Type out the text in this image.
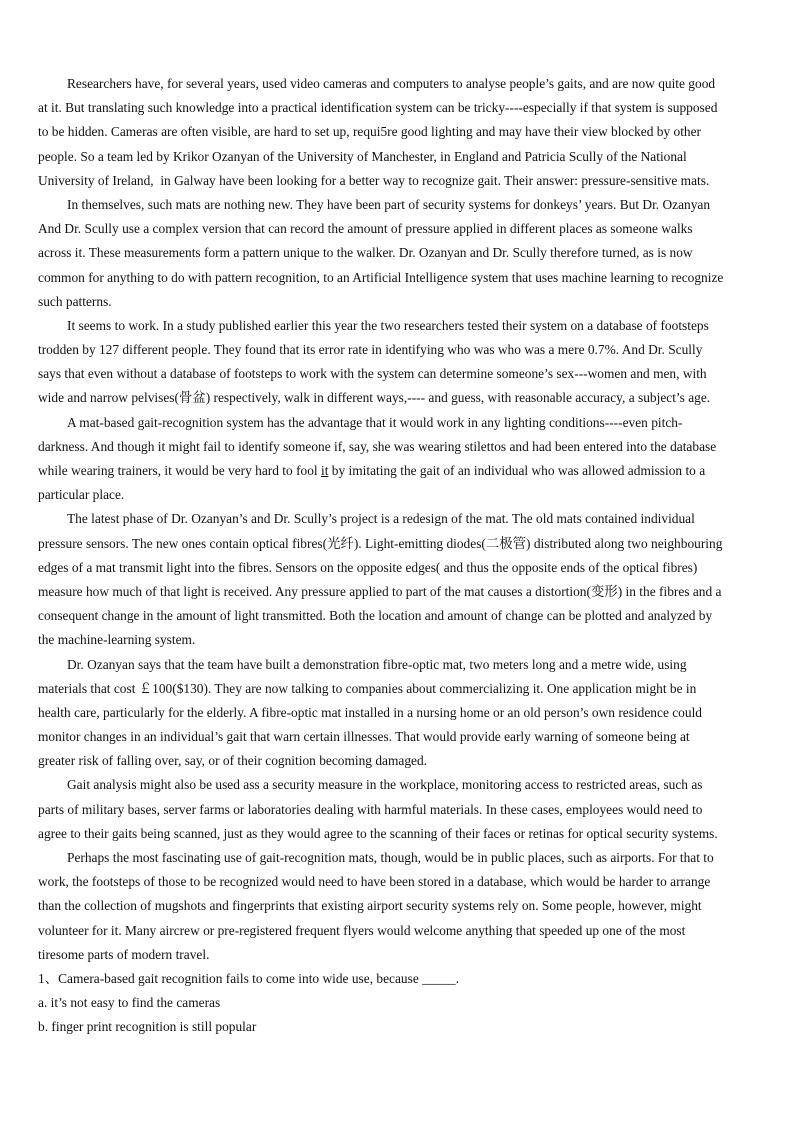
Researchers have, for several years, used video cameras and computers to analyse people’s gaits, and are now quite good
at it. But translating such knowledge into a practical identification system can be tricky----especially if that system is supposed
to be hidden. Cameras are often visible, are hard to set up, requi5re good lighting and may have their view blocked by other
people. So a team led by Krikor Ozanyan of the University of Manchester, in England and Patricia Scully of the National
University of Ireland,  in Galway have been looking for a better way to recognize gait. Their answer: pressure-sensitive mats.
In themselves, such mats are nothing new. They have been part of security systems for donkeys’ years. But Dr. Ozanyan
And Dr. Scully use a complex version that can record the amount of pressure applied in different places as someone walks
across it. These measurements form a pattern unique to the walker. Dr. Ozanyan and Dr. Scully therefore turned, as is now
common for anything to do with pattern recognition, to an Artificial Intelligence system that uses machine learning to recognize
such patterns.
It seems to work. In a study published earlier this year the two researchers tested their system on a database of footsteps
trodden by 127 different people. They found that its error rate in identifying who was who was a mere 0.7%. And Dr. Scully
says that even without a database of footsteps to work with the system can determine someone’s sex---women and men, with
wide and narrow pelvises(骨盆) respectively, walk in different ways,---- and guess, with reasonable accuracy, a subject’s age.
A mat-based gait-recognition system has the advantage that it would work in any lighting conditions----even pitch-
darkness. And though it might fail to identify someone if, say, she was wearing stilettos and had been entered into the database
while wearing trainers, it would be very hard to fool it by imitating the gait of an individual who was allowed admission to a
particular place.
The latest phase of Dr. Ozanyan’s and Dr. Scully’s project is a redesign of the mat. The old mats contained individual
pressure sensors. The new ones contain optical fibres(光纤). Light-emitting diodes(二极管) distributed along two neighbouring
edges of a mat transmit light into the fibres. Sensors on the opposite edges( and thus the opposite ends of the optical fibres)
measure how much of that light is received. Any pressure applied to part of the mat causes a distortion(变形) in the fibres and a
consequent change in the amount of light transmitted. Both the location and amount of change can be plotted and analyzed by
the machine-learning system.
Dr. Ozanyan says that the team have built a demonstration fibre-optic mat, two meters long and a metre wide, using
materials that cost ￡100($130). They are now talking to companies about commercializing it. One application might be in
health care, particularly for the elderly. A fibre-optic mat installed in a nursing home or an old person’s own residence could
monitor changes in an individual’s gait that warn certain illnesses. That would provide early warning of someone being at
greater risk of falling over, say, or of their cognition becoming damaged.
Gait analysis might also be used ass a security measure in the workplace, monitoring access to restricted areas, such as
parts of military bases, server farms or laboratories dealing with harmful materials. In these cases, employees would need to
agree to their gaits being scanned, just as they would agree to the scanning of their faces or retinas for optical security systems.
Perhaps the most fascinating use of gait-recognition mats, though, would be in public places, such as airports. For that to
work, the footsteps of those to be recognized would need to have been stored in a database, which would be harder to arrange
than the collection of mugshots and fingerprints that existing airport security systems rely on. Some people, however, might
volunteer for it. Many aircrew or pre-registered frequent flyers would welcome anything that speeded up one of the most
tiresome parts of modern travel.
1、Camera-based gait recognition fails to come into wide use, because _____.
a. it’s not easy to find the cameras
b. finger print recognition is still popular
